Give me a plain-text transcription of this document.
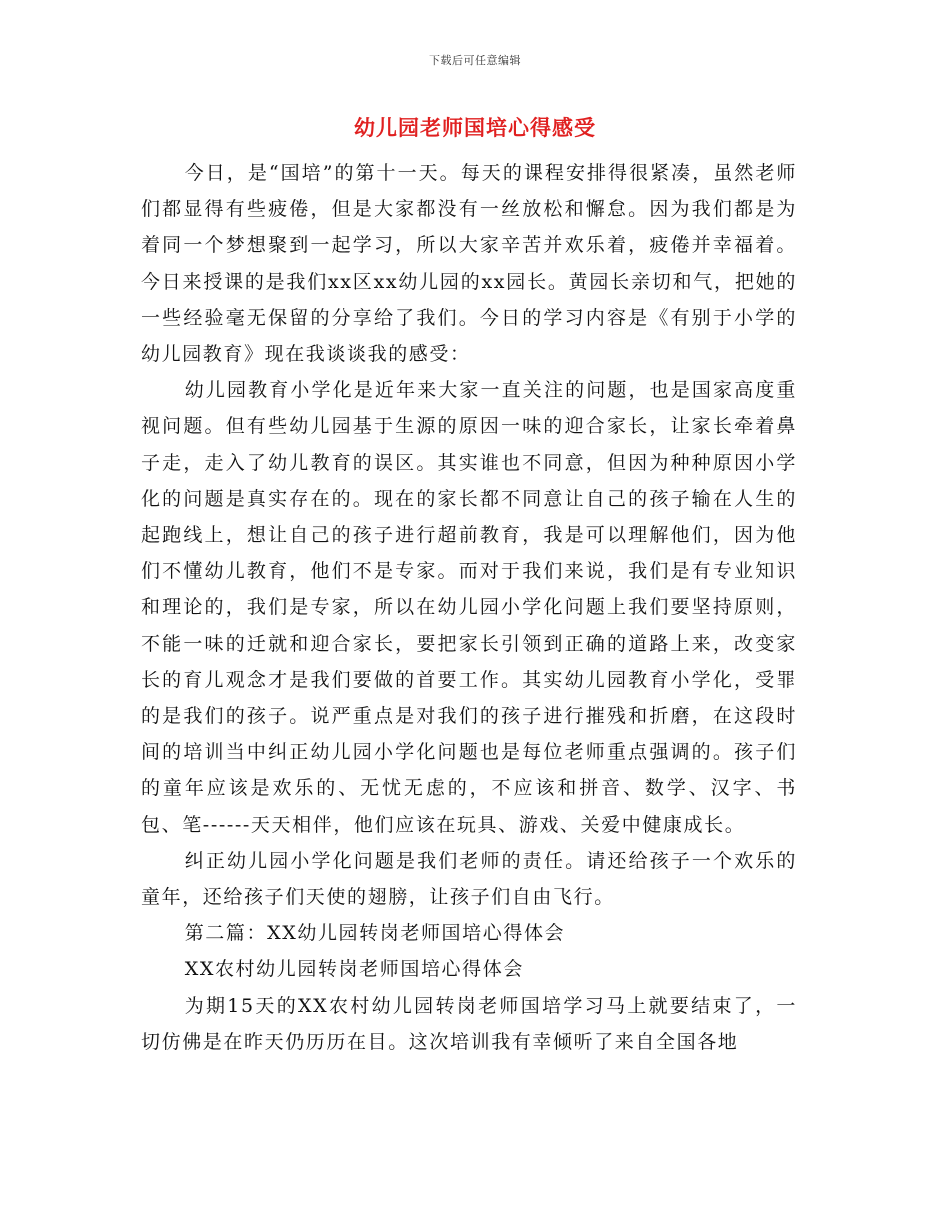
下载后可任意编辑
幼儿园老师国培心得感受

今日，是“国培”的第十一天。每天的课程安排得很紧凑，虽然老师们都显得有些疲倦，但是大家都没有一丝放松和懈怠。因为我们都是为着同一个梦想聚到一起学习，所以大家辛苦并欢乐着，疲倦并幸福着。今日来授课的是我们xx区xx幼儿园的xx园长。黄园长亲切和气，把她的一些经验毫无保留的分享给了我们。今日的学习内容是《有别于小学的幼儿园教育》现在我谈谈我的感受：

幼儿园教育小学化是近年来大家一直关注的问题，也是国家高度重视问题。但有些幼儿园基于生源的原因一味的迎合家长，让家长牵着鼻子走，走入了幼儿教育的误区。其实谁也不同意，但因为种种原因小学化的问题是真实存在的。现在的家长都不同意让自己的孩子输在人生的起跑线上，想让自己的孩子进行超前教育，我是可以理解他们，因为他们不懂幼儿教育，他们不是专家。而对于我们来说，我们是有专业知识和理论的，我们是专家，所以在幼儿园小学化问题上我们要坚持原则，不能一味的迁就和迎合家长，要把家长引领到正确的道路上来，改变家长的育儿观念才是我们要做的首要工作。其实幼儿园教育小学化，受罪的是我们的孩子。说严重点是对我们的孩子进行摧残和折磨，在这段时间的培训当中纠正幼儿园小学化问题也是每位老师重点强调的。孩子们的童年应该是欢乐的、无忧无虑的，不应该和拼音、数学、汉字、书包、笔------天天相伴，他们应该在玩具、游戏、关爱中健康成长。

纠正幼儿园小学化问题是我们老师的责任。请还给孩子一个欢乐的童年，还给孩子们天使的翅膀，让孩子们自由飞行。

第二篇：XX幼儿园转岗老师国培心得体会

XX农村幼儿园转岗老师国培心得体会

为期15天的XX农村幼儿园转岗老师国培学习马上就要结束了，一切仿佛是在昨天仍历历在目。这次培训我有幸倾听了来自全国各地
